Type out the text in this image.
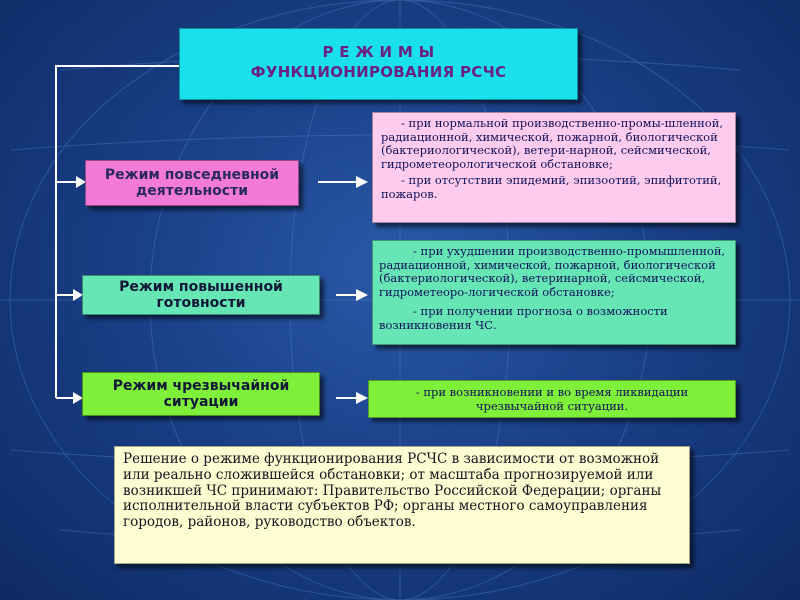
Р Е Ж И М Ы
ФУНКЦИОНИРОВАНИЯ РСЧС
Режим повседневной деятельности
Режим повышенной готовности
Режим чрезвычайной ситуации

- при нормальной производственно-промы-шленной, радиационной, химической, пожарной, биологической (бактериологической), ветери-нарной, сейсмической, гидрометеорологической обстановке;

- при отсутствии эпидемий, эпизоотий, эпифитотий, пожаров.

- при ухудшении производственно-промышленной, радиационной, химической, пожарной, биологической (бактериологической), ветеринарной, сейсмической, гидрометеоро-логической обстановке;

- при получении прогноза о возможности возникновения ЧС.

- при возникновении и во время ликвидации чрезвычайной ситуации.

Решение о режиме функционирования РСЧС в зависимости от возможной или реально сложившейся обстановки; от масштаба прогнозируемой или возникшей ЧС принимают: Правительство Российской Федерации; органы исполнительной власти субъектов РФ; органы местного самоуправления городов, районов, руководство объектов.
